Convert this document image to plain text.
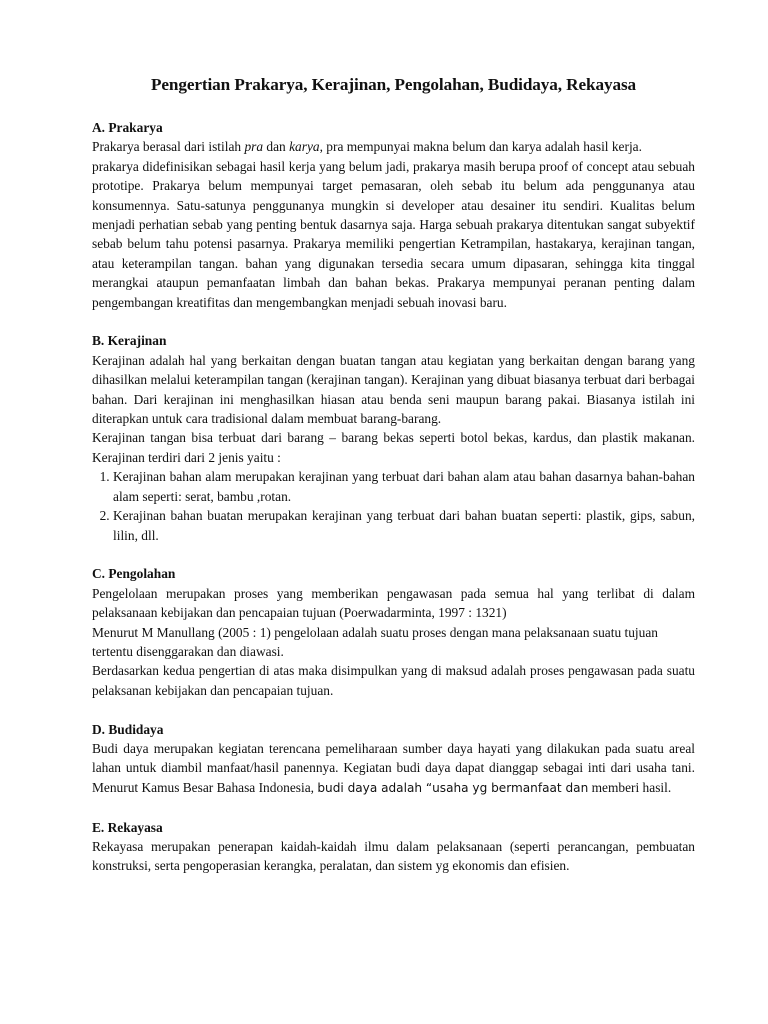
Pengertian Prakarya, Kerajinan, Pengolahan, Budidaya, Rekayasa
A. Prakarya

Prakarya berasal dari istilah pra dan karya, pra mempunyai makna belum dan karya adalah hasil kerja.

prakarya didefinisikan sebagai hasil kerja yang belum jadi, prakarya masih berupa proof of concept atau sebuah prototipe. Prakarya belum mempunyai target pemasaran, oleh sebab itu belum ada penggunanya atau konsumennya. Satu-satunya penggunanya mungkin si developer atau desainer itu sendiri. Kualitas belum menjadi perhatian sebab yang penting bentuk dasarnya saja. Harga sebuah prakarya ditentukan sangat subyektif sebab belum tahu potensi pasarnya. Prakarya memiliki pengertian Ketrampilan, hastakarya, kerajinan tangan, atau keterampilan tangan. bahan yang digunakan tersedia secara umum dipasaran, sehingga kita tinggal merangkai ataupun pemanfaatan limbah dan bahan bekas. Prakarya mempunyai peranan penting dalam pengembangan kreatifitas dan mengembangkan menjadi sebuah inovasi baru.

B. Kerajinan

Kerajinan adalah hal yang berkaitan dengan buatan tangan atau kegiatan yang berkaitan dengan barang yang dihasilkan melalui keterampilan tangan (kerajinan tangan). Kerajinan yang dibuat biasanya terbuat dari berbagai bahan. Dari kerajinan ini menghasilkan hiasan atau benda seni maupun barang pakai. Biasanya istilah ini diterapkan untuk cara tradisional dalam membuat barang-barang.

Kerajinan tangan bisa terbuat dari barang – barang bekas seperti botol bekas, kardus, dan plastik makanan. Kerajinan terdiri dari 2 jenis yaitu :

1. Kerajinan bahan alam merupakan kerajinan yang terbuat dari bahan alam atau bahan dasarnya bahan-bahan alam seperti: serat, bambu ,rotan.
2. Kerajinan bahan buatan merupakan kerajinan yang terbuat dari bahan buatan seperti: plastik, gips, sabun, lilin, dll.
C. Pengolahan

Pengelolaan merupakan proses yang memberikan pengawasan pada semua hal yang terlibat di dalam pelaksanaan kebijakan dan pencapaian tujuan (Poerwadarminta, 1997 : 1321)

Menurut M Manullang (2005 : 1) pengelolaan adalah suatu proses dengan mana pelaksanaan suatu tujuan tertentu disenggarakan dan diawasi.

Berdasarkan kedua pengertian di atas maka disimpulkan yang di maksud adalah proses pengawasan pada suatu pelaksanan kebijakan dan pencapaian tujuan.

D. Budidaya

Budi daya merupakan kegiatan terencana pemeliharaan sumber daya hayati yang dilakukan pada suatu areal lahan untuk diambil manfaat/hasil panennya. Kegiatan budi daya dapat dianggap sebagai inti dari usaha tani. Menurut Kamus Besar Bahasa Indonesia, budi daya adalah “usaha yg bermanfaat dan memberi hasil.

E. Rekayasa

Rekayasa merupakan penerapan kaidah-kaidah ilmu dalam pelaksanaan (seperti perancangan, pembuatan konstruksi, serta pengoperasian kerangka, peralatan, dan sistem yg ekonomis dan efisien.
